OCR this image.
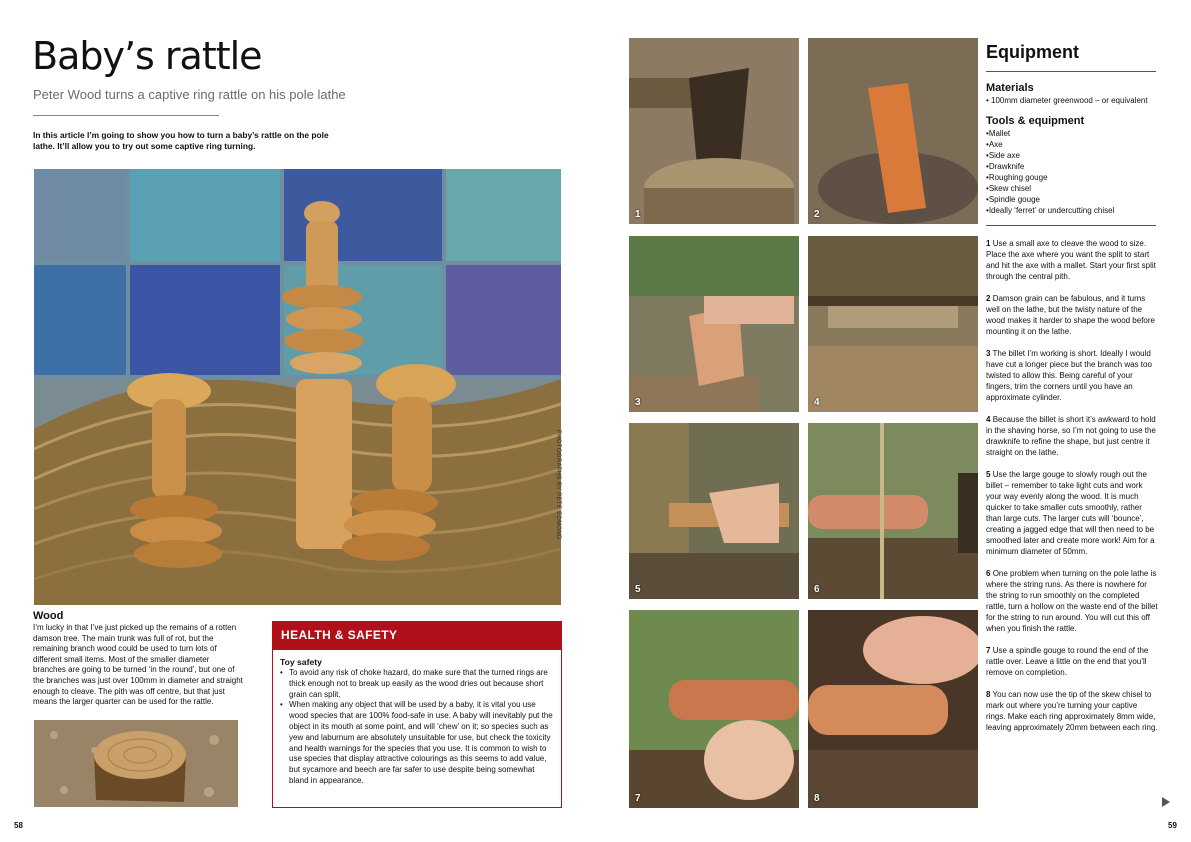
Baby’s rattle
Peter Wood turns a captive ring rattle on his pole lathe

In this article I’m going to show you how to turn a baby’s rattle on the pole lathe. It’ll allow you to try out some captive ring turning.

PHOTOGRAPHS BY PETE EDMOND
Wood

I’m lucky in that I’ve just picked up the remains of a rotten damson tree. The main trunk was full of rot, but the remaining branch wood could be used to turn lots of different small items. Most of the smaller diameter branches are going to be turned ‘in the round’, but one of the branches was just over 100mm in diameter and straight enough to cleave. The pith was off centre, but that just means the larger quarter can be used for the rattle.

HEALTH & SAFETY
Toy safety
• To avoid any risk of choke hazard, do make sure that the turned rings are thick enough not to break up easily as the wood dries out because short grain can split.
• When making any object that will be used by a baby, it is vital you use wood species that are 100% food-safe in use. A baby will inevitably put the object in its mouth at some point, and will ‘chew’ on it; so species such as yew and laburnum are absolutely unsuitable for use, but check the toxicity and health warnings for the species that you use. It is common to wish to use species that display attractive colourings as this seems to add value, but sycamore and beech are far safer to use despite being somewhat bland in appearance.
58
1	2
3	4
5	6
7	8
Equipment
Materials
• 100mm diameter greenwood – or equivalent
Tools & equipment
• Mallet
• Axe
• Side axe
• Drawknife
• Roughing gouge
• Skew chisel
• Spindle gouge
• Ideally ‘ferret’ or undercutting chisel

1 Use a small axe to cleave the wood to size. Place the axe where you want the split to start and hit the axe with a mallet. Start your first split through the central pith.

2 Damson grain can be fabulous, and it turns well on the lathe, but the twisty nature of the wood makes it harder to shape the wood before mounting it on the lathe.

3 The billet I’m working is short. Ideally I would have cut a longer piece but the branch was too twisted to allow this. Being careful of your fingers, trim the corners until you have an approximate cylinder.

4 Because the billet is short it’s awkward to hold in the shaving horse, so I’m not going to use the drawknife to refine the shape, but just centre it straight on the lathe.

5 Use the large gouge to slowly rough out the billet – remember to take light cuts and work your way evenly along the wood. It is much quicker to take smaller cuts smoothly, rather than large cuts. The larger cuts will ‘bounce’, creating a jagged edge that will then need to be smoothed later and create more work! Aim for a minimum diameter of 50mm.

6 One problem when turning on the pole lathe is where the string runs. As there is nowhere for the string to run smoothly on the completed rattle, turn a hollow on the waste end of the billet for the string to run around. You will cut this off when you finish the rattle.

7 Use a spindle gouge to round the end of the rattle over. Leave a little on the end that you’ll remove on completion.

8 You can now use the tip of the skew chisel to mark out where you’re turning your captive rings. Make each ring approximately 8mm wide, leaving approximately 20mm between each ring.

59
